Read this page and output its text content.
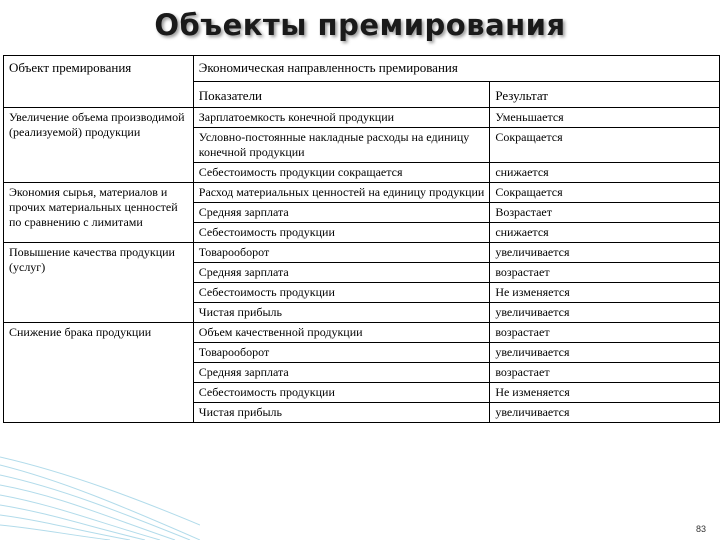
Объекты премирования
Объект премирования	Экономическая направленность премирования	
	Показатели	Результат
Увеличение объема производимой (реализуемой) продукции	Зарплатоемкость конечной продукции	Уменьшается
	Условно-постоянные накладные расходы на единицу конечной продукции	Сокращается
	Себестоимость продукции сокращается	снижается
Экономия сырья, материалов и прочих материальных ценностей по сравнению с лимитами	Расход материальных ценностей на единицу продукции	Сокращается
	Средняя зарплата	Возрастает
	Себестоимость продукции	снижается
Повышение качества продукции (услуг)	Товарооборот	увеличивается
	Средняя зарплата	возрастает
	Себестоимость продукции	Не изменяется
	Чистая прибыль	увеличивается
Снижение брака продукции	Объем качественной продукции	возрастает
	Товарооборот	увеличивается
	Средняя зарплата	возрастает
	Себестоимость продукции	Не изменяется
	Чистая прибыль	увеличивается
83
